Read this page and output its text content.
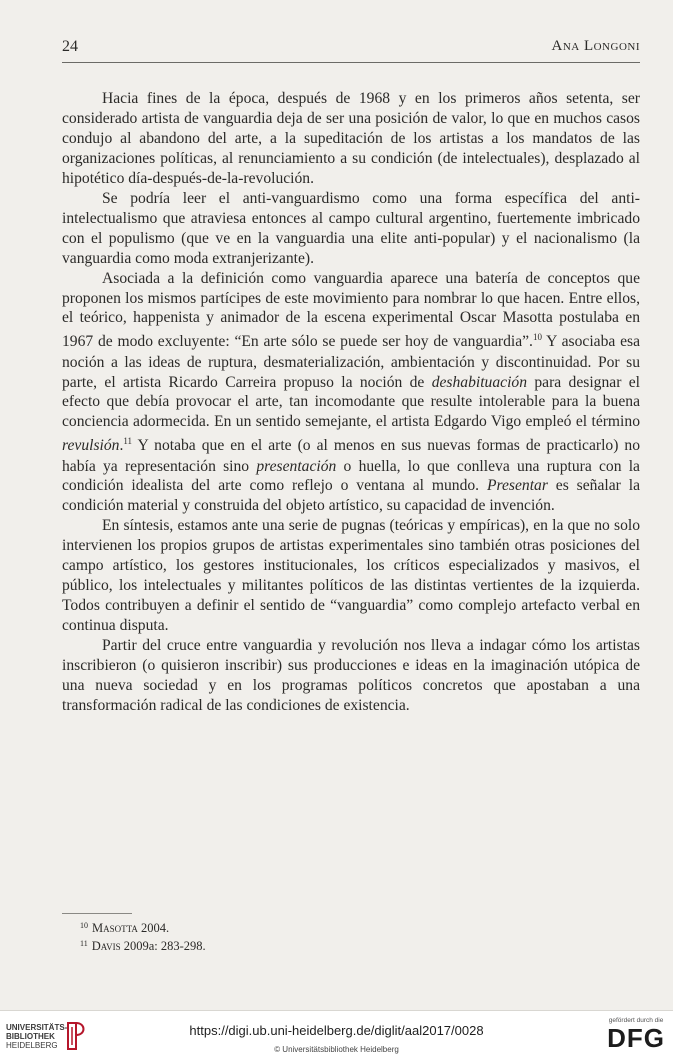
24	Ana Longoni

Hacia fines de la época, después de 1968 y en los primeros años setenta, ser considerado artista de vanguardia deja de ser una posición de valor, lo que en muchos casos condujo al abandono del arte, a la supeditación de los artistas a los mandatos de las organizaciones políticas, al renunciamiento a su condición (de intelectuales), desplazado al hipotético día-después-de-la-revolución.

Se podría leer el anti-vanguardismo como una forma específica del anti-intelectualismo que atraviesa entonces al campo cultural argentino, fuertemente imbricado con el populismo (que ve en la vanguardia una elite anti-popular) y el nacionalismo (la vanguardia como moda extranjerizante).

Asociada a la definición como vanguardia aparece una batería de conceptos que proponen los mismos partícipes de este movimiento para nombrar lo que hacen. Entre ellos, el teórico, happenista y animador de la escena experimental Oscar Masotta postulaba en 1967 de modo excluyente: “En arte sólo se puede ser hoy de vanguardia”.$^{10}$ Y asociaba esa noción a las ideas de ruptura, desmaterialización, ambientación y discontinuidad. Por su parte, el artista Ricardo Carreira propuso la noción de deshabituación para designar el efecto que debía provocar el arte, tan incomodante que resulte intolerable para la buena conciencia adormecida. En un sentido semejante, el artista Edgardo Vigo empleó el término revulsión.$^{11}$ Y notaba que en el arte (o al menos en sus nuevas formas de practicarlo) no había ya representación sino presentación o huella, lo que conlleva una ruptura con la condición idealista del arte como reflejo o ventana al mundo. Presentar es señalar la condición material y construida del objeto artístico, su capacidad de invención.

En síntesis, estamos ante una serie de pugnas (teóricas y empíricas), en la que no solo intervienen los propios grupos de artistas experimentales sino también otras posiciones del campo artístico, los gestores institucionales, los críticos especializados y masivos, el público, los intelectuales y militantes políticos de las distintas vertientes de la izquierda. Todos contribuyen a definir el sentido de “vanguardia” como complejo artefacto verbal en continua disputa.

Partir del cruce entre vanguardia y revolución nos lleva a indagar cómo los artistas inscribieron (o quisieron inscribir) sus producciones e ideas en la imaginación utópica de una nueva sociedad y en los programas políticos concretos que apostaban a una transformación radical de las condiciones de existencia.

$^{10}$ Masotta 2004.
$^{11}$ Davis 2009a: 283-298.
UNIVERSITÄTS-
BIBLIOTHEK
HEIDELBERG
https://digi.ub.uni-heidelberg.de/diglit/aal2017/0028
© Universitätsbibliothek Heidelberg
gefördert durch die
DFG
